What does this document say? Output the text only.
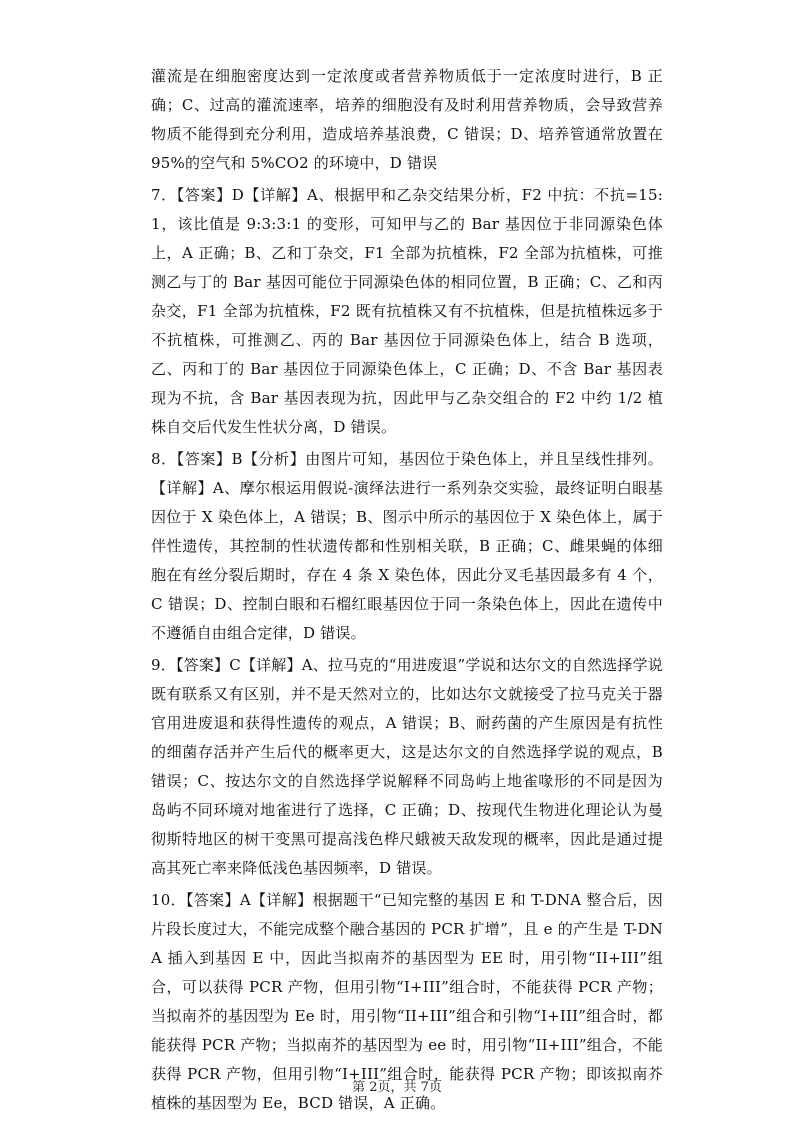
灌流是在细胞密度达到一定浓度或者营养物质低于一定浓度时进行，B 正确；C、过高的灌流速率，培养的细胞没有及时利用营养物质，会导致营养物质不能得到充分利用，造成培养基浪费，C 错误；D、培养管通常放置在 95%的空气和 5%CO2 的环境中，D 错误

7．【答案】D【详解】A、根据甲和乙杂交结果分析，F2 中抗：不抗=15:1，该比值是 9:3:3:1 的变形，可知甲与乙的 Bar 基因位于非同源染色体上，A 正确；B、乙和丁杂交，F1 全部为抗植株，F2 全部为抗植株，可推测乙与丁的 Bar 基因可能位于同源染色体的相同位置，B 正确；C、乙和丙杂交，F1 全部为抗植株，F2 既有抗植株又有不抗植株，但是抗植株远多于不抗植株，可推测乙、丙的 Bar 基因位于同源染色体上，结合 B 选项，乙、丙和丁的 Bar 基因位于同源染色体上，C 正确；D、不含 Bar 基因表现为不抗，含 Bar 基因表现为抗，因此甲与乙杂交组合的 F2 中约 1/2 植株自交后代发生性状分离，D 错误。

8．【答案】B【分析】由图片可知，基因位于染色体上，并且呈线性排列。【详解】A、摩尔根运用假说-演绎法进行一系列杂交实验，最终证明白眼基因位于 X 染色体上，A 错误；B、图示中所示的基因位于 X 染色体上，属于伴性遗传，其控制的性状遗传都和性别相关联，B 正确；C、雌果蝇的体细胞在有丝分裂后期时，存在 4 条 X 染色体，因此分叉毛基因最多有 4 个，C 错误；D、控制白眼和石榴红眼基因位于同一条染色体上，因此在遗传中不遵循自由组合定律，D 错误。

9．【答案】C【详解】A、拉马克的“用进废退”学说和达尔文的自然选择学说既有联系又有区别，并不是天然对立的，比如达尔文就接受了拉马克关于器官用进废退和获得性遗传的观点，A 错误；B、耐药菌的产生原因是有抗性的细菌存活并产生后代的概率更大，这是达尔文的自然选择学说的观点，B 错误；C、按达尔文的自然选择学说解释不同岛屿上地雀喙形的不同是因为岛屿不同环境对地雀进行了选择，C 正确；D、按现代生物进化理论认为曼彻斯特地区的树干变黑可提高浅色桦尺蛾被天敌发现的概率，因此是通过提高其死亡率来降低浅色基因频率，D 错误。

10．【答案】A【详解】根据题干“已知完整的基因 E 和 T-DNA 整合后，因片段长度过大，不能完成整个融合基因的 PCR 扩增”，且 e 的产生是 T-DNA 插入到基因 E 中，因此当拟南芥的基因型为 EE 时，用引物“II+III”组合，可以获得 PCR 产物，但用引物“I+III”组合时，不能获得 PCR 产物；当拟南芥的基因型为 Ee 时，用引物“II+III”组合和引物“I+III”组合时，都能获得 PCR 产物；当拟南芥的基因型为 ee 时，用引物“II+III”组合，不能获得 PCR 产物，但用引物“I+III”组合时，能获得 PCR 产物；即该拟南芥植株的基因型为 Ee，BCD 错误，A 正确。

第 2页，共 7页
